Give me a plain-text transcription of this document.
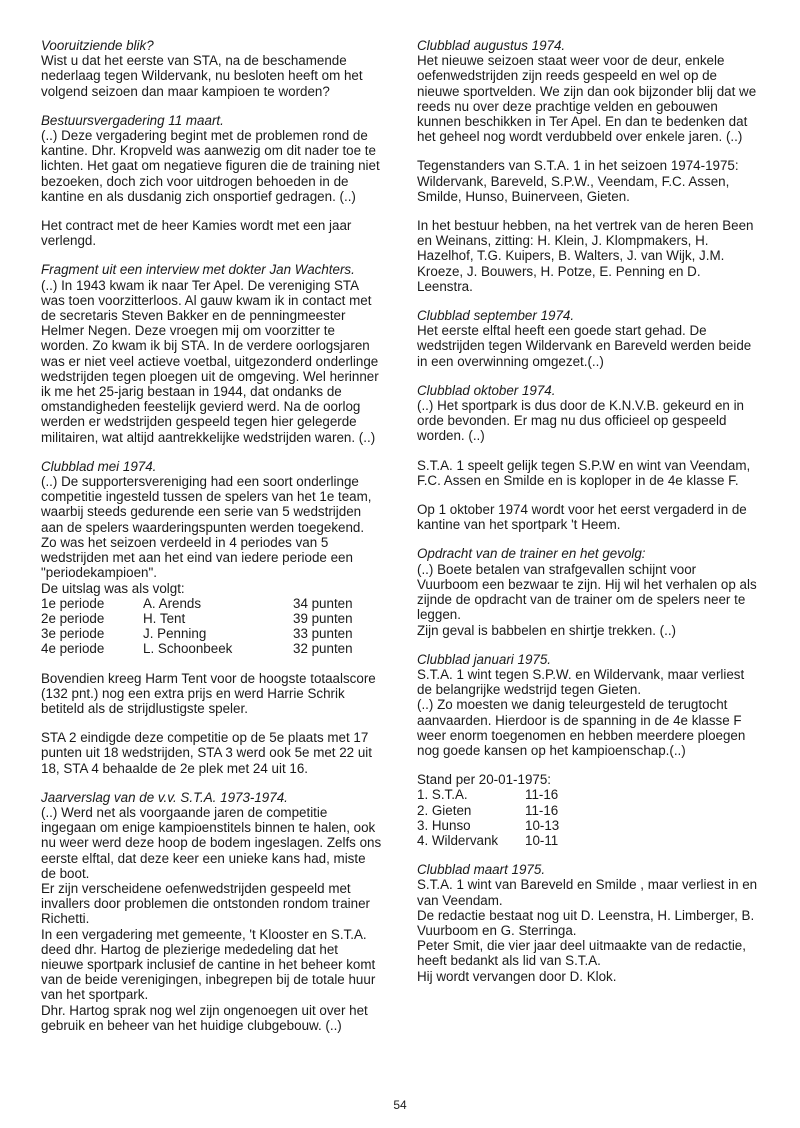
Vooruitziende blik?

Wist u dat het eerste van STA, na de beschamende nederlaag tegen Wildervank, nu besloten heeft om het volgend seizoen dan maar kampioen te worden?

Bestuursvergadering 11 maart.

(..) Deze vergadering begint met de problemen rond de kantine. Dhr. Kropveld was aanwezig om dit nader toe te lichten. Het gaat om negatieve figuren die de training niet bezoeken, doch zich voor uitdrogen behoeden in de kantine en als dusdanig zich onsportief gedragen. (..)

Het contract met de heer Kamies wordt met een jaar verlengd.

Fragment uit een interview met dokter Jan Wachters.

(..) In 1943 kwam ik naar Ter Apel. De vereniging STA was toen voorzitterloos. Al gauw kwam ik in contact met de secretaris Steven Bakker en de penningmeester Helmer Negen. Deze vroegen mij om voorzitter te worden. Zo kwam ik bij STA. In de verdere oorlogsjaren was er niet veel actieve voetbal, uitgezonderd onderlinge wedstrijden tegen ploegen uit de omgeving. Wel herinner ik me het 25-jarig bestaan in 1944, dat ondanks de omstandigheden feestelijk gevierd werd. Na de oorlog werden er wedstrijden gespeeld tegen hier gelegerde militairen, wat altijd aantrekkelijke wedstrijden waren. (..)

Clubblad mei 1974.

(..) De supportersvereniging had een soort onderlinge competitie ingesteld tussen de spelers van het 1e team, waarbij steeds gedurende een serie van 5 wedstrijden aan de spelers waarderingspunten werden toegekend. Zo was het seizoen verdeeld in 4 periodes van 5 wedstrijden met aan het eind van iedere periode een "periodekampioen".

De uitslag was als volgt:

1e periode	A. Arends	34 punten
2e periode	H. Tent	39 punten
3e periode	J. Penning	33 punten
4e periode	L. Schoonbeek	32 punten

Bovendien kreeg Harm Tent voor de hoogste totaalscore (132 pnt.) nog een extra prijs en werd Harrie Schrik betiteld als de strijdlustigste speler.

STA 2 eindigde deze competitie op de 5e plaats met 17 punten uit 18 wedstrijden, STA 3 werd ook 5e met 22 uit 18, STA 4 behaalde de 2e plek met 24 uit 16.

Jaarverslag van de v.v. S.T.A. 1973-1974.

(..) Werd net als voorgaande jaren de competitie ingegaan om enige kampioenstitels binnen te halen, ook nu weer werd deze hoop de bodem ingeslagen. Zelfs ons eerste elftal, dat deze keer een unieke kans had, miste de boot.

Er zijn verscheidene oefenwedstrijden gespeeld met invallers door problemen die ontstonden rondom trainer Richetti.

In een vergadering met gemeente, 't Klooster en S.T.A. deed dhr. Hartog de plezierige mededeling dat het nieuwe sportpark inclusief de cantine in het beheer komt van de beide verenigingen, inbegrepen bij de totale huur van het sportpark.

Dhr. Hartog sprak nog wel zijn ongenoegen uit over het gebruik en beheer van het huidige clubgebouw. (..)

Clubblad augustus 1974.

Het nieuwe seizoen staat weer voor de deur, enkele oefenwedstrijden zijn reeds gespeeld en wel op de nieuwe sportvelden. We zijn dan ook bijzonder blij dat we reeds nu over deze prachtige velden en gebouwen kunnen beschikken in Ter Apel. En dan te bedenken dat het geheel nog wordt verdubbeld over enkele jaren. (..)

Tegenstanders van S.T.A. 1 in het seizoen 1974-1975: Wildervank, Bareveld, S.P.W., Veendam, F.C. Assen, Smilde, Hunso, Buinerveen, Gieten.

In het bestuur hebben, na het vertrek van de heren Been en Weinans, zitting: H. Klein, J. Klompmakers, H. Hazelhof, T.G. Kuipers, B. Walters, J. van Wijk, J.M. Kroeze, J. Bouwers, H. Potze, E. Penning en D. Leenstra.

Clubblad september 1974.

Het eerste elftal heeft een goede start gehad. De wedstrijden tegen Wildervank en Bareveld werden beide in een overwinning omgezet.(..)

Clubblad oktober 1974.

(..) Het sportpark is dus door de K.N.V.B. gekeurd en in orde bevonden. Er mag nu dus officieel op gespeeld worden. (..)

S.T.A. 1 speelt gelijk tegen S.P.W en wint van Veendam, F.C. Assen en Smilde en is koploper in de 4e klasse F.

Op 1 oktober 1974 wordt voor het eerst vergaderd in de kantine van het sportpark 't Heem.

Opdracht van de trainer en het gevolg:

(..) Boete betalen van strafgevallen schijnt voor Vuurboom een bezwaar te zijn. Hij wil het verhalen op als zijnde de opdracht van de trainer om de spelers neer te leggen.

Zijn geval is babbelen en shirtje trekken. (..)

Clubblad januari 1975.

S.T.A. 1 wint tegen S.P.W. en Wildervank, maar verliest de belangrijke wedstrijd tegen Gieten.

(..) Zo moesten we danig teleurgesteld de terugtocht aanvaarden. Hierdoor is de spanning in de 4e klasse F weer enorm toegenomen en hebben meerdere ploegen nog goede kansen op het kampioenschap.(..)

Stand per 20-01-1975:

1. S.T.A.	11-16
2. Gieten	11-16
3. Hunso	10-13
4. Wildervank	10-11

Clubblad maart 1975.

S.T.A. 1 wint van Bareveld en Smilde , maar verliest in en van Veendam.

De redactie bestaat nog uit D. Leenstra, H. Limberger, B. Vuurboom en G. Sterringa.

Peter Smit, die vier jaar deel uitmaakte van de redactie, heeft bedankt als lid van S.T.A.

Hij wordt vervangen door D. Klok.

54
